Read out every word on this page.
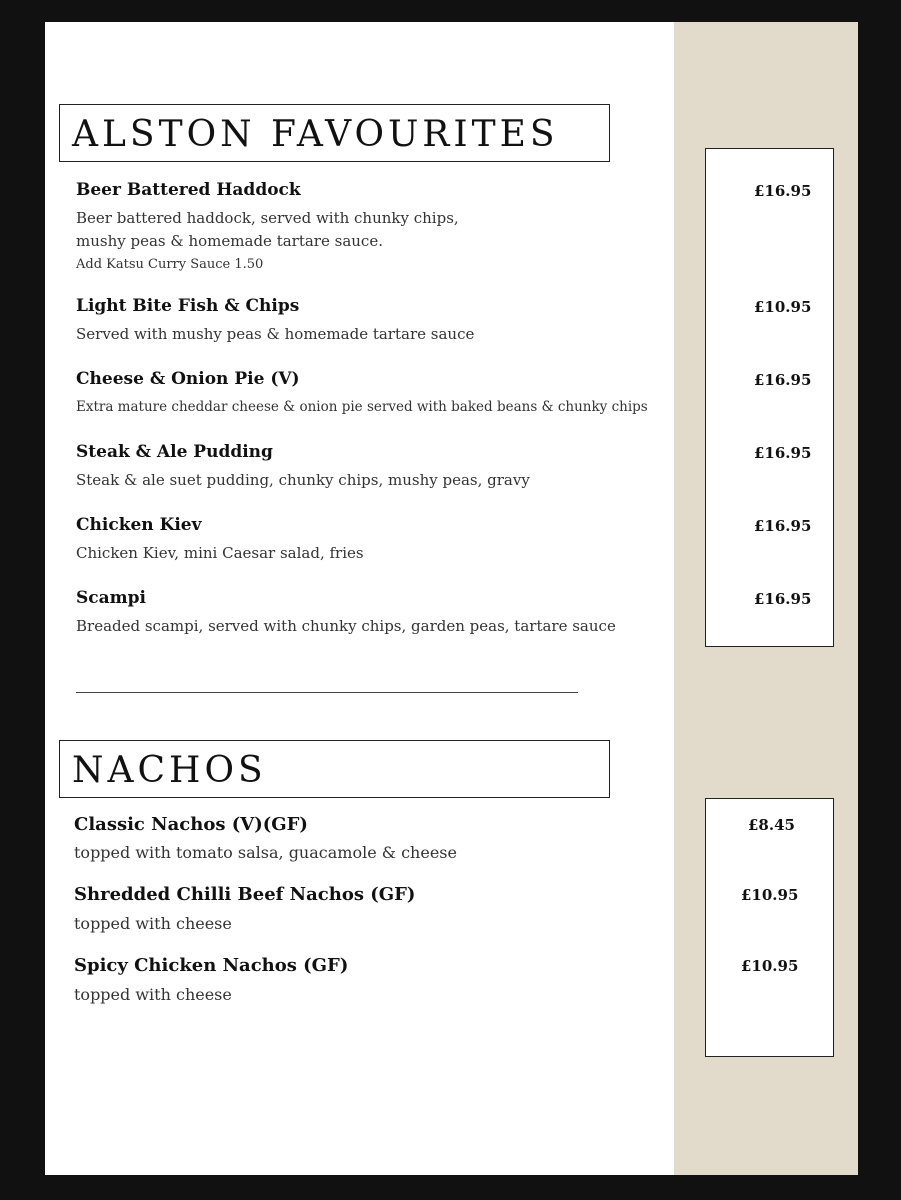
ALSTON FAVOURITES
Beer Battered Haddock
Beer battered haddock, served with chunky chips,
mushy peas & homemade tartare sauce.
Add Katsu Curry Sauce 1.50
£16.95
Light Bite Fish & Chips
Served with mushy peas & homemade tartare sauce
£10.95
Cheese & Onion Pie (V)
Extra mature cheddar cheese & onion pie served with baked beans & chunky chips
£16.95
Steak & Ale Pudding
Steak & ale suet pudding, chunky chips, mushy peas, gravy
£16.95
Chicken Kiev
Chicken Kiev, mini Caesar salad, fries
£16.95
Scampi
Breaded scampi, served with chunky chips, garden peas, tartare sauce
£16.95
NACHOS
Classic Nachos (V)(GF)
topped with tomato salsa, guacamole & cheese
£8.45
Shredded Chilli Beef Nachos (GF)
topped with cheese
£10.95
Spicy Chicken Nachos (GF)
topped with cheese
£10.95
